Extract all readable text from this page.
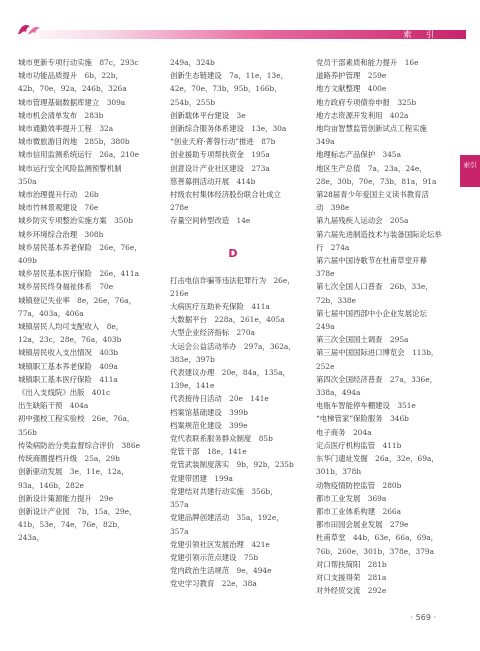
索 引
索引
城市更新专项行动实施 87c，293c
城市功能品质提升 6b，22b，42b，70e，92a，246b，326a
城市管理基础数据库建立 309a
城市机会清单发布 283b
城市通勤效率提升工程 32a
城市微旅游目的地 285b，380b
城市信用监测系统运行 26a，210e
城市运行安全风险监测预警机制 350a
城市治理提升行动 26b
城市竹林景观建设 76e
城乡防灾专项整治实施方案 350b
城乡环境综合治理 308h
城乡居民基本养老保险 26e，76e，409b
城乡居民基本医疗保险 26e，411a
城乡居民终身福祉体系 70e
城镇登记失业率 8e，26e，76a，77a，403a，406a
城镇居民人均可支配收入 8e，12a，23c，28e，76a，403b
城镇居民收入支出情况 403b
城镇职工基本养老保险 409a
城镇职工基本医疗保险 411a
《出入支线院》出版 401c
出生缺陷干预 404a
初中强校工程实验校 26e，76a，356b
传染病防治分类监督综合评价 386e
传统商圈提档升级 25a，29b
创新驱动发展 3e，11e，12a，93a，146b，282e
创新设计策源能力提升 29e
创新设计产业园 7b，15a，29e，41b，53e，74e，76e，82b，243a，
249a，324b
创新生态链建设 7a，11e，13e，42e，70e，73b，95b，166b，254b，255b
创新载体平台建设 3e
创新综合服务体系建设 13e，30a
“创业天府·菁蓉行动”推进 87b
创业援助专项帮扶资金 195a
创意设计产业社区建设 273a
慈善募捐活动开展 414b
村级农村集体经济股份联合社成立 278e
存量空间转型改造 14e
D
打击电信诈骗等违法犯罪行为 26e，216e
大病医疗互助补充保险 411a
大数据平台 228a，261e，405a
大型企业经济指标 270a
大运会公益活动举办 297a，362a，383e，397b
代表建议办理 20e，84a，135a，139e，141e
代表接待日活动 20e　141e
档案馆基础建设 399b
档案规范化建设 399e
党代表联系服务群众制度 85b
党管干部 18e，141e
党管武装制度落实 9b，92b，235b
党建带团建 199a
党建结对共建行动实施 356b，357a
党建品牌创建活动 35a，192e，357a
党建引领社区发展治理 421e
党建引领示范点建设 75b
党内政治生活规范 9e，494e
党史学习教育 22e，38a
党员干部素质和能力提升 16e
道路养护管理 259e
地方文献整理 400e
地方政府专项债券申报 325b
地方志资源开发利用 402a
地均亩智慧监管创新试点工程实施 349a
地理标志产品保护 345a
地区生产总值 7a，23a，24e，28e，30b，70e，73b，81a，91a
第28届青少年爱国主义读书教育活动 398e
第九届残疾人运动会 205a
第六届先进制造技术与装备国际论坛举行 274a
第六届中国诗歌节在杜甫草堂开幕 378e
第七次全国人口普查 26b，33e，72b，338e
第七届中国西部中小企业发展论坛 249a
第三次全国国土调查 295a
第三届中国国际进口博览会 113b，252e
第四次全国经济普查 27a，336e，338a，494a
电瓶车智能停车棚建设 351e
“电梯管家”保险服务 346b
电子商务 204a
定点医疗机构监管 411b
东华门遗址发掘 26a，32e，69a，301b，378h
动物疫情防控监管 280b
都市工业发展 369a
都市工业体系构建 266a
都市田园会展业发展 279e
杜甫草堂 44b，63e，66a，69a，76b，260e，301b，378e，379a
对口帮扶简阳 281b
对口支援得荣 281a
对外经贸交流 292e
· 569 ·
